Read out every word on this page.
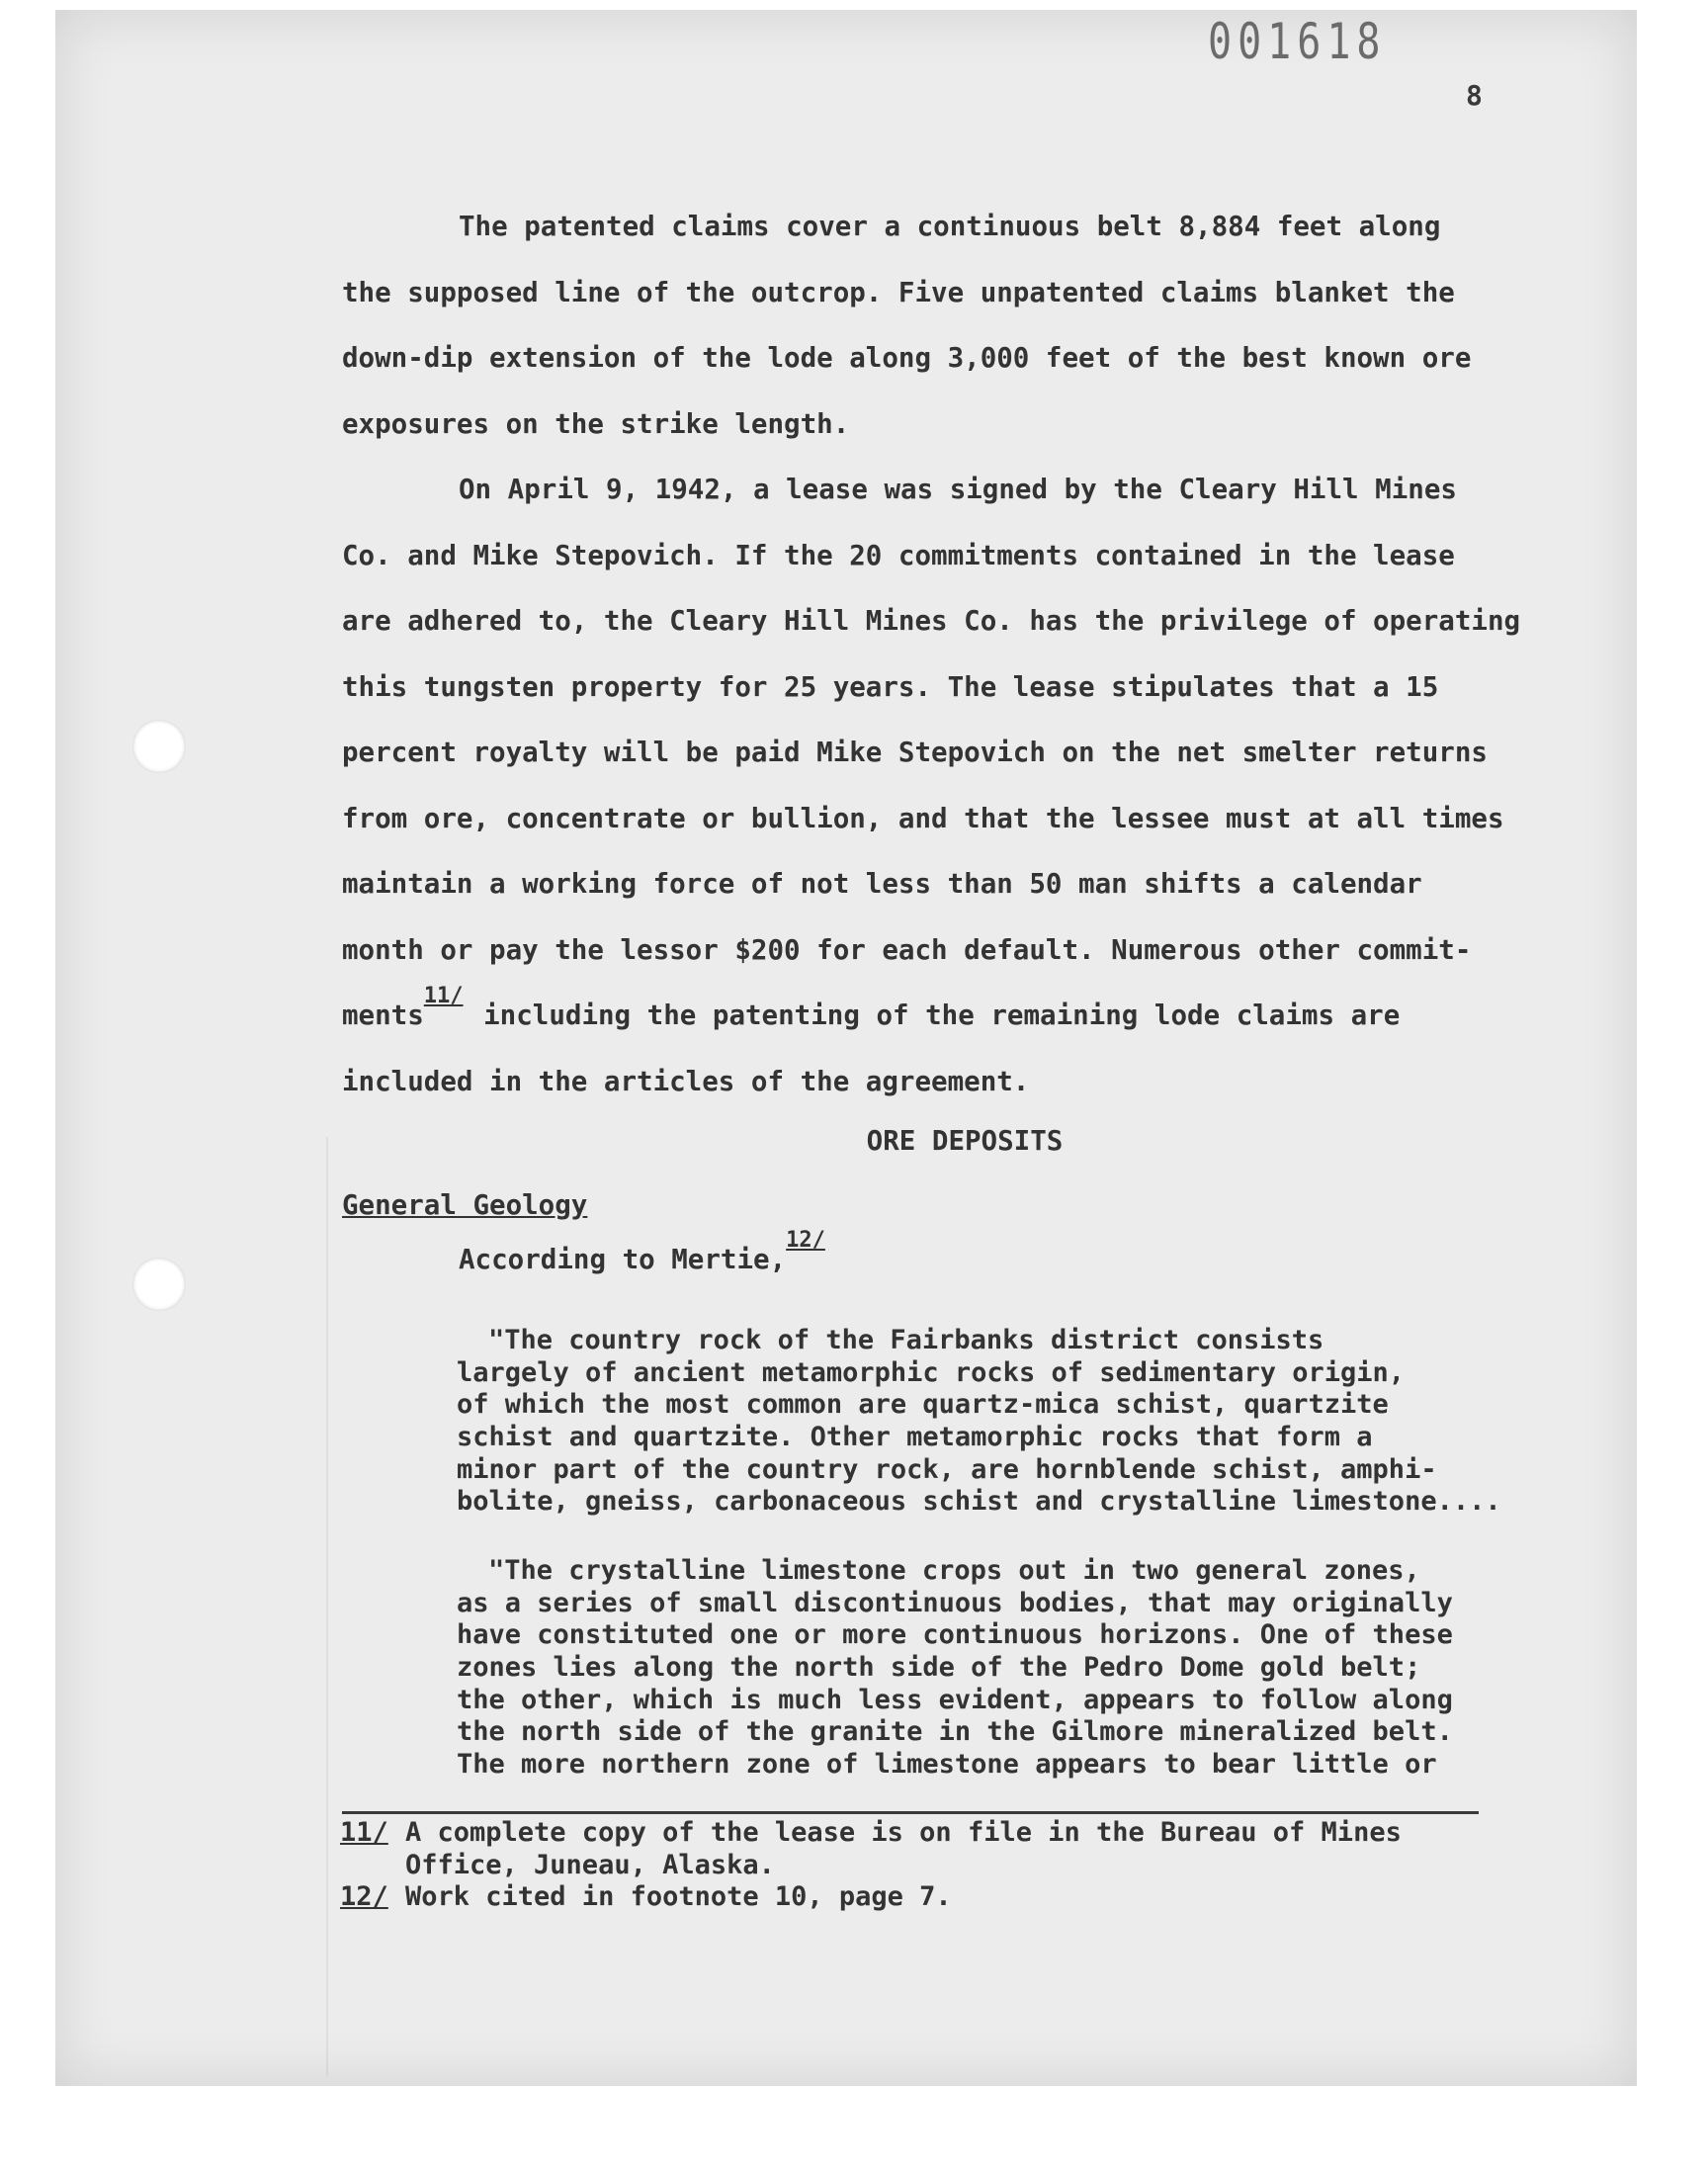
001618
8
The patented claims cover a continuous belt 8,884 feet along
the supposed line of the outcrop. Five unpatented claims blanket the
down-dip extension of the lode along 3,000 feet of the best known ore
exposures on the strike length.
On April 9, 1942, a lease was signed by the Cleary Hill Mines
Co. and Mike Stepovich. If the 20 commitments contained in the lease
are adhered to, the Cleary Hill Mines Co. has the privilege of operating
this tungsten property for 25 years. The lease stipulates that a 15
percent royalty will be paid Mike Stepovich on the net smelter returns
from ore, concentrate or bullion, and that the lessee must at all times
maintain a working force of not less than 50 man shifts a calendar
month or pay the lessor $200 for each default. Numerous other commit-
ments11/ including the patenting of the remaining lode claims are
included in the articles of the agreement.
ORE DEPOSITS
General Geology
According to Mertie,12/
"The country rock of the Fairbanks district consists
largely of ancient metamorphic rocks of sedimentary origin,
of which the most common are quartz-mica schist, quartzite
schist and quartzite. Other metamorphic rocks that form a
minor part of the country rock, are hornblende schist, amphi-
bolite, gneiss, carbonaceous schist and crystalline limestone....
"The crystalline limestone crops out in two general zones,
as a series of small discontinuous bodies, that may originally
have constituted one or more continuous horizons. One of these
zones lies along the north side of the Pedro Dome gold belt;
the other, which is much less evident, appears to follow along
the north side of the granite in the Gilmore mineralized belt.
The more northern zone of limestone appears to bear little or
11/ A complete copy of the lease is on file in the Bureau of Mines
Office, Juneau, Alaska.
12/ Work cited in footnote 10, page 7.
